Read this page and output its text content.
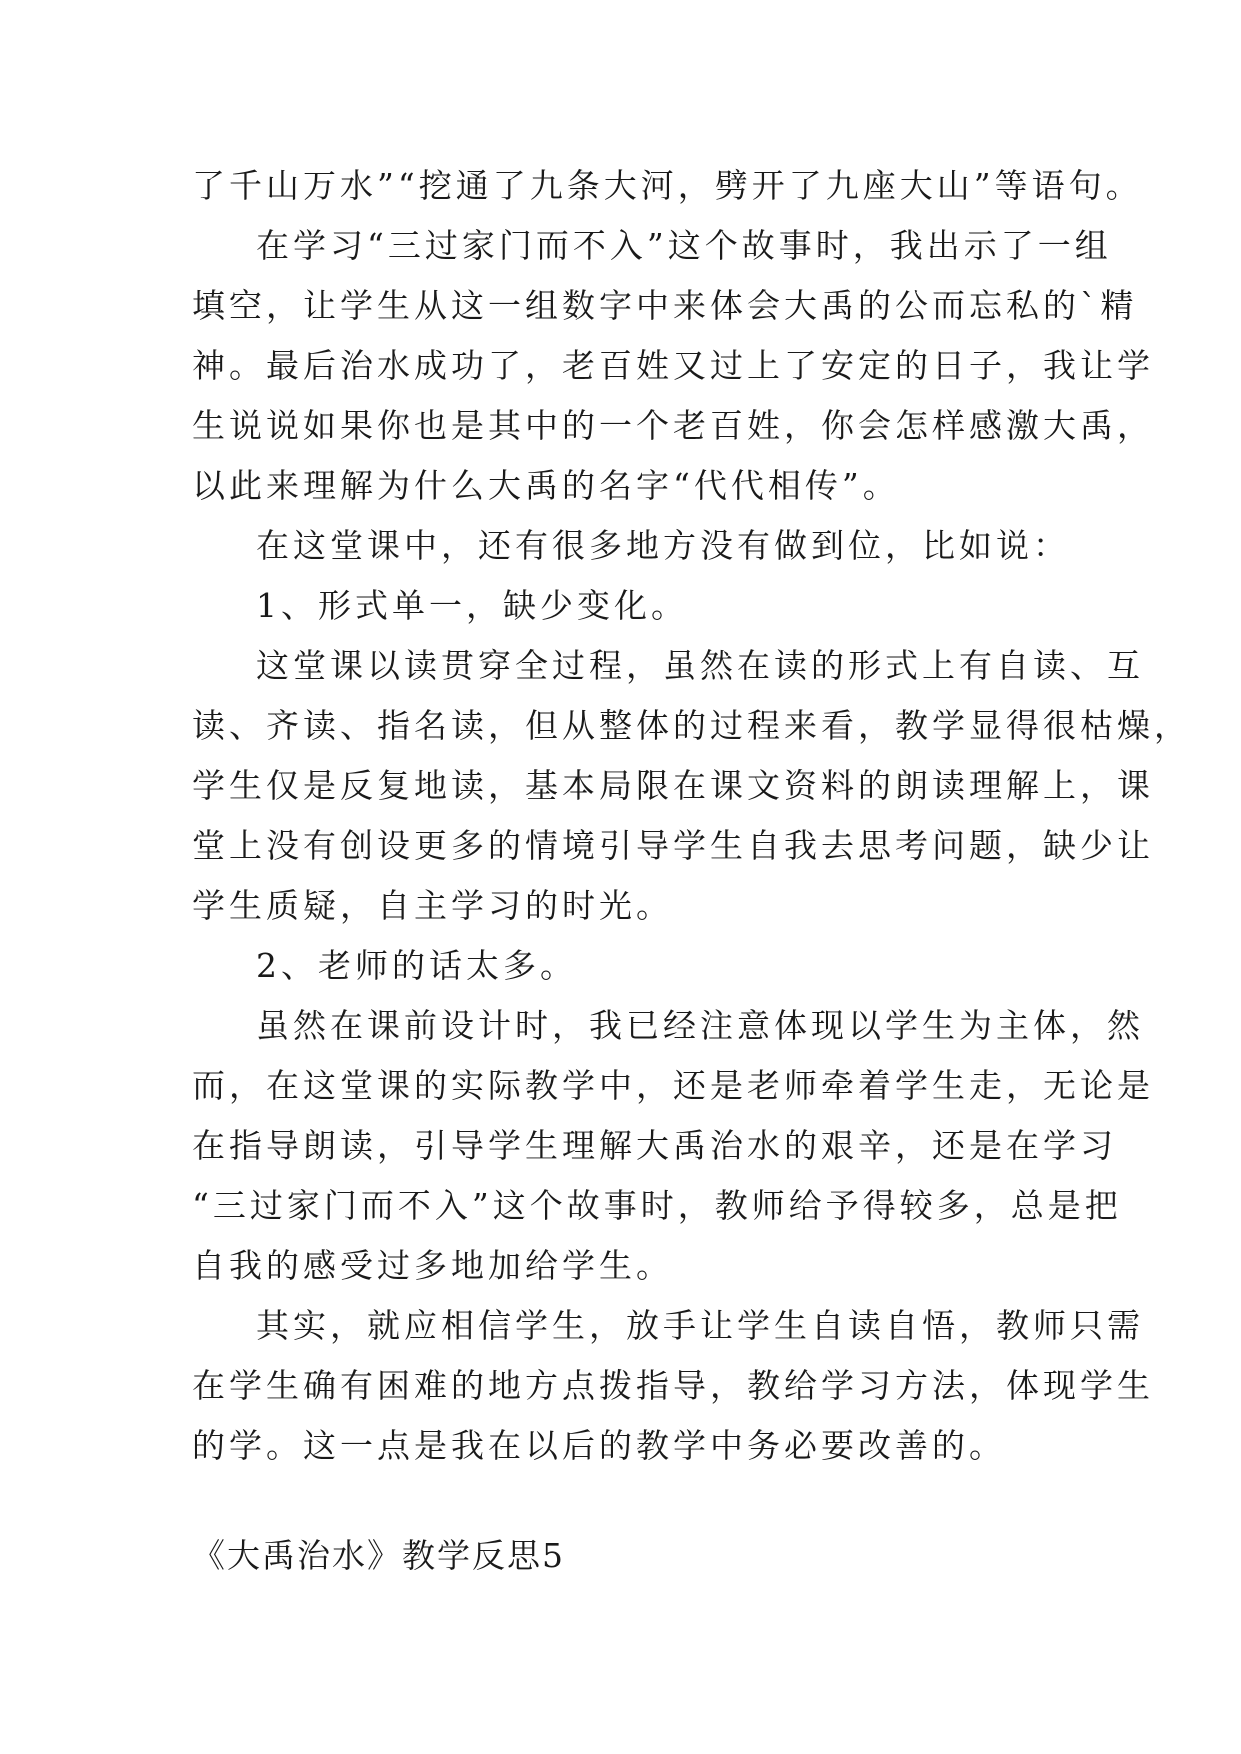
了千山万水”“挖通了九条大河，劈开了九座大山”等语句。
在学习“三过家门而不入”这个故事时，我出示了一组
填空，让学生从这一组数字中来体会大禹的公而忘私的`精
神。最后治水成功了，老百姓又过上了安定的日子，我让学
生说说如果你也是其中的一个老百姓，你会怎样感激大禹，
以此来理解为什么大禹的名字“代代相传”。
在这堂课中，还有很多地方没有做到位，比如说：
1、形式单一，缺少变化。
这堂课以读贯穿全过程，虽然在读的形式上有自读、互
读、齐读、指名读，但从整体的过程来看，教学显得很枯燥，
学生仅是反复地读，基本局限在课文资料的朗读理解上，课
堂上没有创设更多的情境引导学生自我去思考问题，缺少让
学生质疑，自主学习的时光。
2、老师的话太多。
虽然在课前设计时，我已经注意体现以学生为主体，然
而，在这堂课的实际教学中，还是老师牵着学生走，无论是
在指导朗读，引导学生理解大禹治水的艰辛，还是在学习
“三过家门而不入”这个故事时，教师给予得较多，总是把
自我的感受过多地加给学生。
其实，就应相信学生，放手让学生自读自悟，教师只需
在学生确有困难的地方点拨指导，教给学习方法，体现学生
的学。这一点是我在以后的教学中务必要改善的。
《大禹治水》教学反思5
